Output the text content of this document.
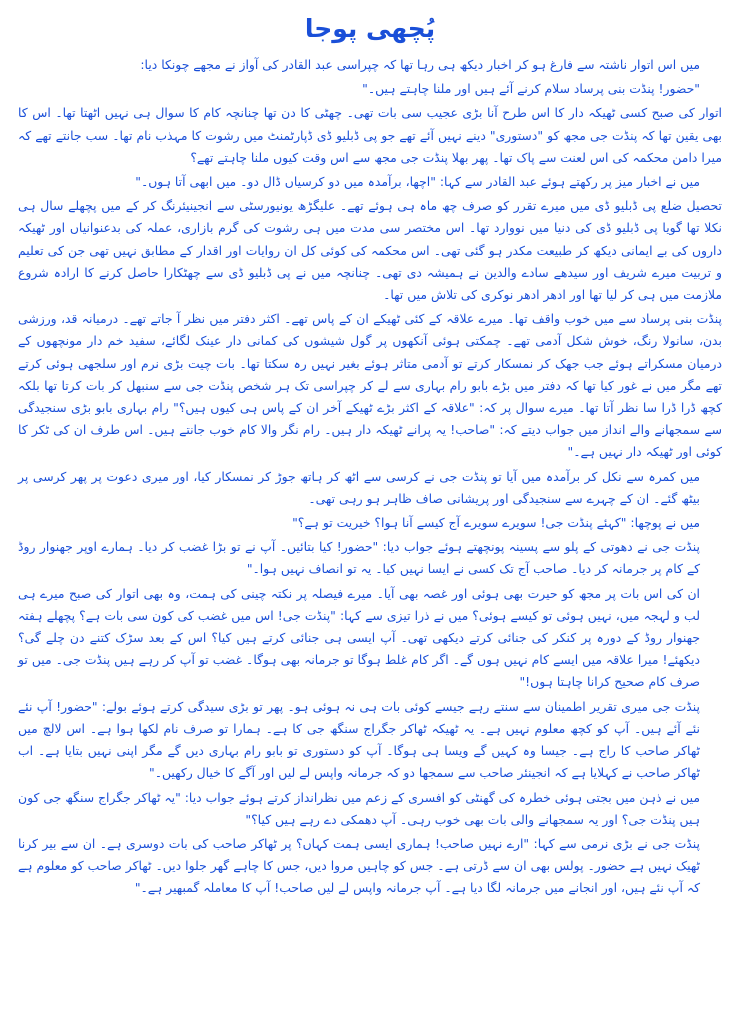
پُچھی پوجا

میں اس اتوار ناشتہ سے فارغ ہو کر اخبار دیکھ ہی رہا تھا کہ چپراسی عبد القادر کی آواز نے مجھے چونکا دیا:

"حضور! پنڈت بنی پرساد سلام کرنے آئے ہیں اور ملنا چاہتے ہیں۔"

اتوار کی صبح کسی ٹھیکہ دار کا اس طرح آنا بڑی عجیب سی بات تھی۔ چھٹی کا دن تھا چنانچہ کام کا سوال ہی نہیں اٹھتا تھا۔ اس کا بھی یقین تھا کہ پنڈت جی مجھ کو "دستوری" دینے نہیں آئے تھے جو پی ڈبلیو ڈی ڈپارٹمنٹ میں رشوت کا مہذب نام تھا۔ سب جانتے تھے کہ میرا دامن محکمہ کی اس لعنت سے پاک تھا۔ پھر بھلا پنڈت جی مجھ سے اس وقت کیوں ملنا چاہتے تھے؟

میں نے اخبار میز پر رکھتے ہوئے عبد القادر سے کہا: "اچھا، برآمدہ میں دو کرسیاں ڈال دو۔ میں ابھی آتا ہوں۔"

تحصیل ضلع پی ڈبلیو ڈی میں میرے تقرر کو صرف چھ ماہ ہی ہوئے تھے۔ علیگڑھ یونیورسٹی سے انجینیئرنگ کر کے میں پچھلے سال ہی نکلا تھا گویا پی ڈبلیو ڈی کی دنیا میں نووارد تھا۔ اس مختصر سی مدت میں ہی رشوت کی گرم بازاری، عملہ کی بدعنوانیاں اور ٹھیکہ داروں کی بے ایمانی دیکھ کر طبیعت مکدر ہو گئی تھی۔ اس محکمہ کی کوئی کل ان روایات اور اقدار کے مطابق نہیں تھی جن کی تعلیم و تربیت میرے شریف اور سیدھے سادے والدین نے ہمیشہ دی تھی۔ چنانچہ میں نے پی ڈبلیو ڈی سے چھٹکارا حاصل کرنے کا ارادہ شروع ملازمت میں ہی کر لیا تھا اور ادھر ادھر نوکری کی تلاش میں تھا۔

پنڈت بنی پرساد سے میں خوب واقف تھا۔ میرے علاقہ کے کئی ٹھیکے ان کے پاس تھے۔ اکثر دفتر میں نظر آ جاتے تھے۔ درمیانہ قد، ورزشی بدن، سانولا رنگ، خوش شکل آدمی تھے۔ چمکتی ہوئی آنکھوں پر گول شیشوں کی کمانی دار عینک لگائے، سفید خم دار مونچھوں کے درمیان مسکراتے ہوئے جب جھک کر نمسکار کرتے تو آدمی متاثر ہوئے بغیر نہیں رہ سکتا تھا۔ بات چیت بڑی نرم اور سلجھی ہوئی کرتے تھے مگر میں نے غور کیا تھا کہ دفتر میں بڑے بابو رام بہاری سے لے کر چپراسی تک ہر شخص پنڈت جی سے سنبھل کر بات کرتا تھا بلکہ کچھ ڈرا ڈرا سا نظر آتا تھا۔ میرے سوال پر کہ: "علاقہ کے اکثر بڑے ٹھیکے آخر ان کے پاس ہی کیوں ہیں؟" رام بہاری بابو بڑی سنجیدگی سے سمجھانے والے انداز میں جواب دیتے کہ: "صاحب! یہ پرانے ٹھیکہ دار ہیں۔ رام نگر والا کام خوب جانتے ہیں۔ اس طرف ان کی ٹکر کا کوئی اور ٹھیکہ دار نہیں ہے۔"

میں کمرہ سے نکل کر برآمدہ میں آیا تو پنڈت جی نے کرسی سے اٹھ کر ہاتھ جوڑ کر نمسکار کیا، اور میری دعوت پر پھر کرسی پر بیٹھ گئے۔ ان کے چہرے سے سنجیدگی اور پریشانی صاف ظاہر ہو رہی تھی۔

میں نے پوچھا: "کہئے پنڈت جی! سویرے سویرے آج کیسے آنا ہوا؟ خیریت تو ہے؟"

پنڈت جی نے دھوتی کے پلو سے پسینہ پونچھتے ہوئے جواب دیا: "حضور! کیا بتائیں۔ آپ نے تو بڑا غضب کر دیا۔ ہمارے اوپر جھنوار روڈ کے کام پر جرمانہ کر دیا۔ صاحب آج تک کسی نے ایسا نہیں کیا۔ یہ تو انصاف نہیں ہوا۔"

ان کی اس بات پر مجھ کو حیرت بھی ہوئی اور غصہ بھی آیا۔ میرے فیصلہ پر نکتہ چینی کی ہمت، وہ بھی اتوار کی صبح میرے ہی لب و لہجہ میں، نہیں ہوئی تو کیسے ہوئی؟ میں نے ذرا تیزی سے کہا: "پنڈت جی! اس میں غضب کی کون سی بات ہے؟ پچھلے ہفتہ جھنوار روڈ کے دورہ پر کنکر کی جنائی کرتے دیکھی تھی۔ آپ ایسی ہی جنائی کرتے ہیں کیا؟ اس کے بعد سڑک کتنے دن چلے گی؟ دیکھئے! میرا علاقہ میں ایسے کام نہیں ہوں گے۔ اگر کام غلط ہوگا تو جرمانہ بھی ہوگا۔ غضب تو آپ کر رہے ہیں پنڈت جی۔ میں تو صرف کام صحیح کرانا چاہتا ہوں!"

پنڈت جی میری تقریر اطمینان سے سنتے رہے جیسے کوئی بات ہی نہ ہوئی ہو۔ پھر تو بڑی سیدگی کرتے ہوئے بولے: "حضور! آپ نئے نئے آئے ہیں۔ آپ کو کچھ معلوم نہیں ہے۔ یہ ٹھیکہ ٹھاکر جگراج سنگھ جی کا ہے۔ ہمارا تو صرف نام لکھا ہوا ہے۔ اس لالچ میں ٹھاکر صاحب کا راج ہے۔ جیسا وہ کہیں گے ویسا ہی ہوگا۔ آپ کو دستوری تو بابو رام بہاری دیں گے مگر اپنی نہیں بتایا ہے۔ اب ٹھاکر صاحب نے کہلایا ہے کہ انجینئر صاحب سے سمجھا دو کہ جرمانہ واپس لے لیں اور آگے کا خیال رکھیں۔"

میں نے ذہن میں بجتی ہوئی خطرہ کی گھنٹی کو افسری کے زعم میں نظرانداز کرتے ہوئے جواب دیا: "یہ ٹھاکر جگراج سنگھ جی کون ہیں پنڈت جی؟ اور یہ سمجھانے والی بات بھی خوب رہی۔ آپ دھمکی دے رہے ہیں کیا؟"

پنڈت جی نے بڑی نرمی سے کہا: "ارے نہیں صاحب! ہماری ایسی ہمت کہاں؟ پر ٹھاکر صاحب کی بات دوسری ہے۔ ان سے بیر کرنا ٹھیک نہیں ہے حضور۔ پولس بھی ان سے ڈرتی ہے۔ جس کو چاہیں مروا دیں، جس کا چاہے گھر جلوا دیں۔ ٹھاکر صاحب کو معلوم ہے کہ آپ نئے ہیں، اور انجانے میں جرمانہ لگا دیا ہے۔ آپ جرمانہ واپس لے لیں صاحب! آپ کا معاملہ گمبھیر ہے۔"
